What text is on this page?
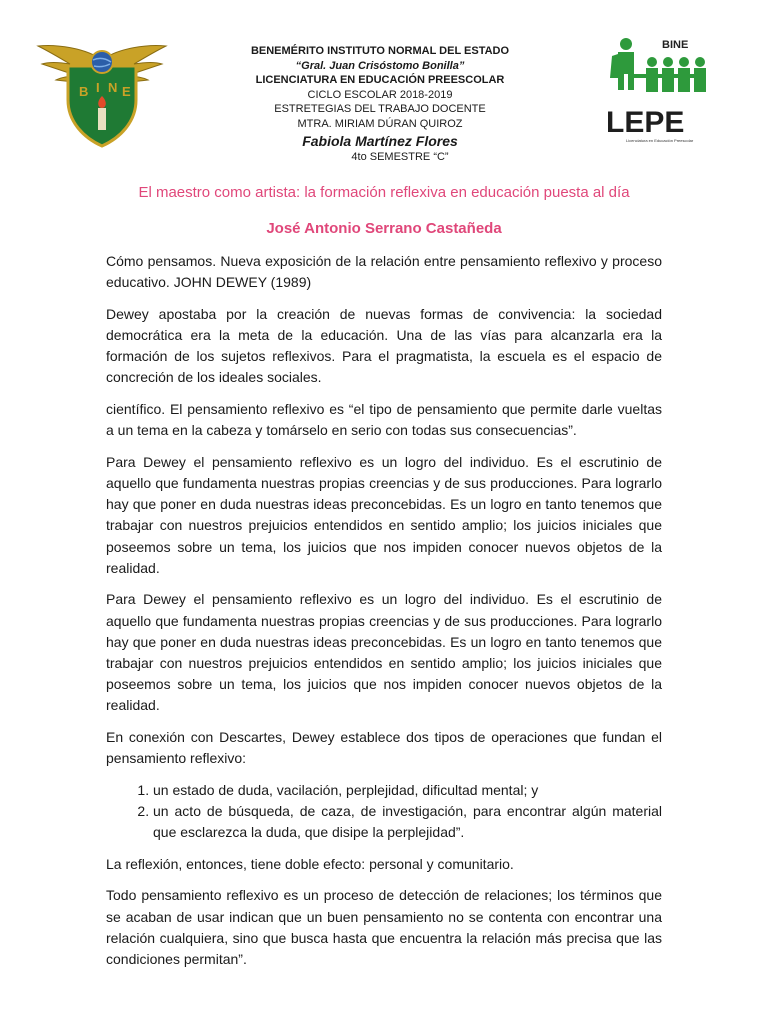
B I N E
BENEMÉRITO INSTITUTO NORMAL DEL ESTADO
“Gral. Juan Crisóstomo Bonilla”
LICENCIATURA EN EDUCACIÓN PREESCOLAR
CICLO ESCOLAR 2018-2019
ESTRETEGIAS DEL TRABAJO DOCENTE
MTRA. MIRIAM DÚRAN QUIROZ
Fabiola Martínez Flores
4to SEMESTRE “C”
BINE
LEPE
Licenciatura en Educación Preescolar
El maestro como artista: la formación reflexiva en educación puesta al día
José Antonio Serrano Castañeda

Cómo pensamos. Nueva exposición de la relación entre pensamiento reflexivo y proceso educativo. JOHN DEWEY (1989)

Dewey apostaba por la creación de nuevas formas de convivencia: la sociedad democrática era la meta de la educación. Una de las vías para alcanzarla era la formación de los sujetos reflexivos. Para el pragmatista, la escuela es el espacio de concreción de los ideales sociales.

científico. El pensamiento reflexivo es “el tipo de pensamiento que permite darle vueltas a un tema en la cabeza y tomárselo en serio con todas sus consecuencias”.

Para Dewey el pensamiento reflexivo es un logro del individuo. Es el escrutinio de aquello que fundamenta nuestras propias creencias y de sus producciones. Para lograrlo hay que poner en duda nuestras ideas preconcebidas. Es un logro en tanto tenemos que trabajar con nuestros prejuicios entendidos en sentido amplio; los juicios iniciales que poseemos sobre un tema, los juicios que nos impiden conocer nuevos objetos de la realidad.

Para Dewey el pensamiento reflexivo es un logro del individuo. Es el escrutinio de aquello que fundamenta nuestras propias creencias y de sus producciones. Para lograrlo hay que poner en duda nuestras ideas preconcebidas. Es un logro en tanto tenemos que trabajar con nuestros prejuicios entendidos en sentido amplio; los juicios iniciales que poseemos sobre un tema, los juicios que nos impiden conocer nuevos objetos de la realidad.

En conexión con Descartes, Dewey establece dos tipos de operaciones que fundan el pensamiento reflexivo:

1. un estado de duda, vacilación, perplejidad, dificultad mental; y
2. un acto de búsqueda, de caza, de investigación, para encontrar algún material que esclarezca la duda, que disipe la perplejidad”.

La reflexión, entonces, tiene doble efecto: personal y comunitario.

Todo pensamiento reflexivo es un proceso de detección de relaciones; los términos que se acaban de usar indican que un buen pensamiento no se contenta con encontrar una relación cualquiera, sino que busca hasta que encuentra la relación más precisa que las condiciones permitan”.
